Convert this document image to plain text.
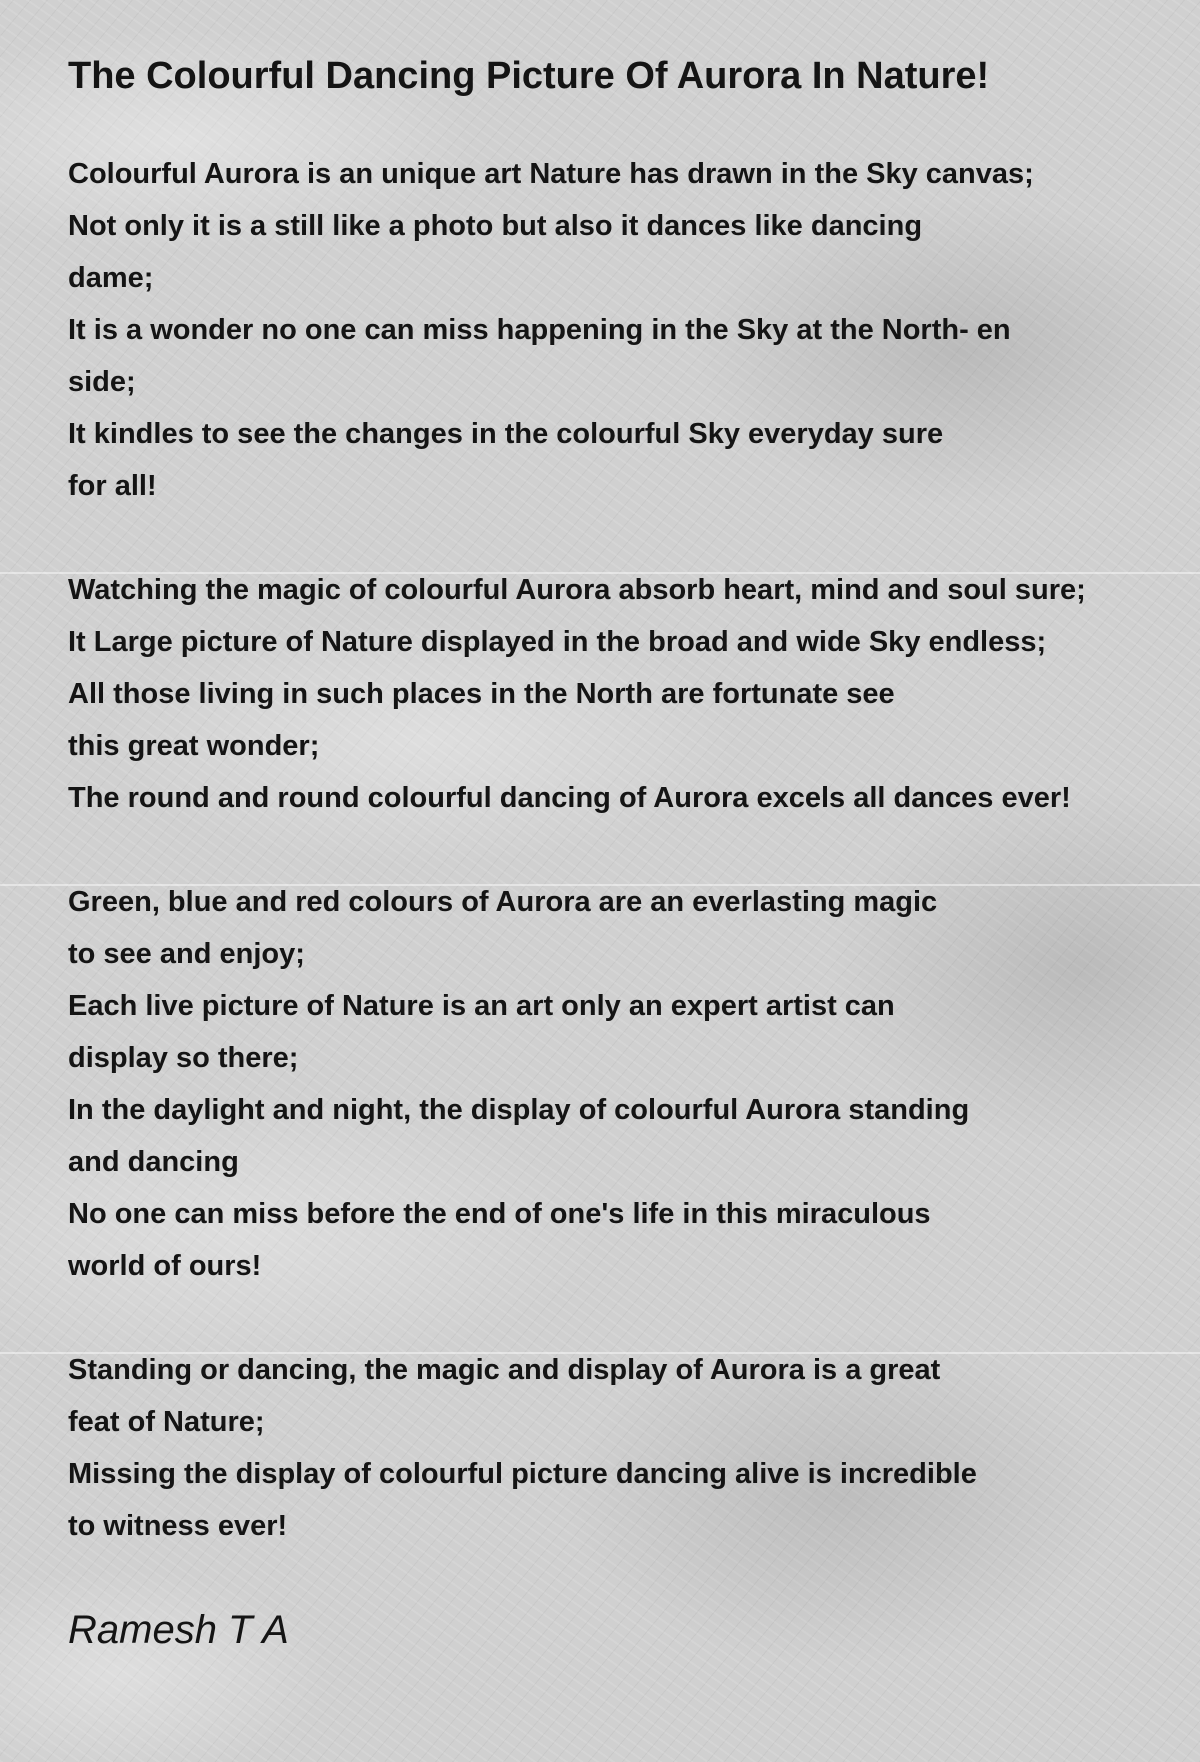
The Colourful Dancing Picture Of Aurora In Nature!
Colourful Aurora is an unique art Nature has drawn in the Sky canvas;
Not only it is a still like a photo but also it dances like dancing
dame;
It is a wonder no one can miss happening in the Sky at the North- en
side;
It kindles to see the changes in the colourful Sky everyday sure
for all!
Watching the magic of colourful Aurora absorb heart, mind and soul sure;
It Large picture of Nature displayed in the broad and wide Sky endless;
All those living in such places in the North are fortunate see
this great wonder;
The round and round colourful dancing of Aurora excels all dances ever!
Green, blue and red colours of Aurora are an everlasting magic
to see and enjoy;
Each live picture of Nature is an art only an expert artist can
display so there;
In the daylight and night, the display of colourful Aurora standing
and dancing
No one can miss before the end of one's life in this miraculous
world of ours!
Standing or dancing, the magic and display of Aurora is a great
feat of Nature;
Missing the display of colourful picture dancing alive is incredible
to witness ever!
Ramesh T A
